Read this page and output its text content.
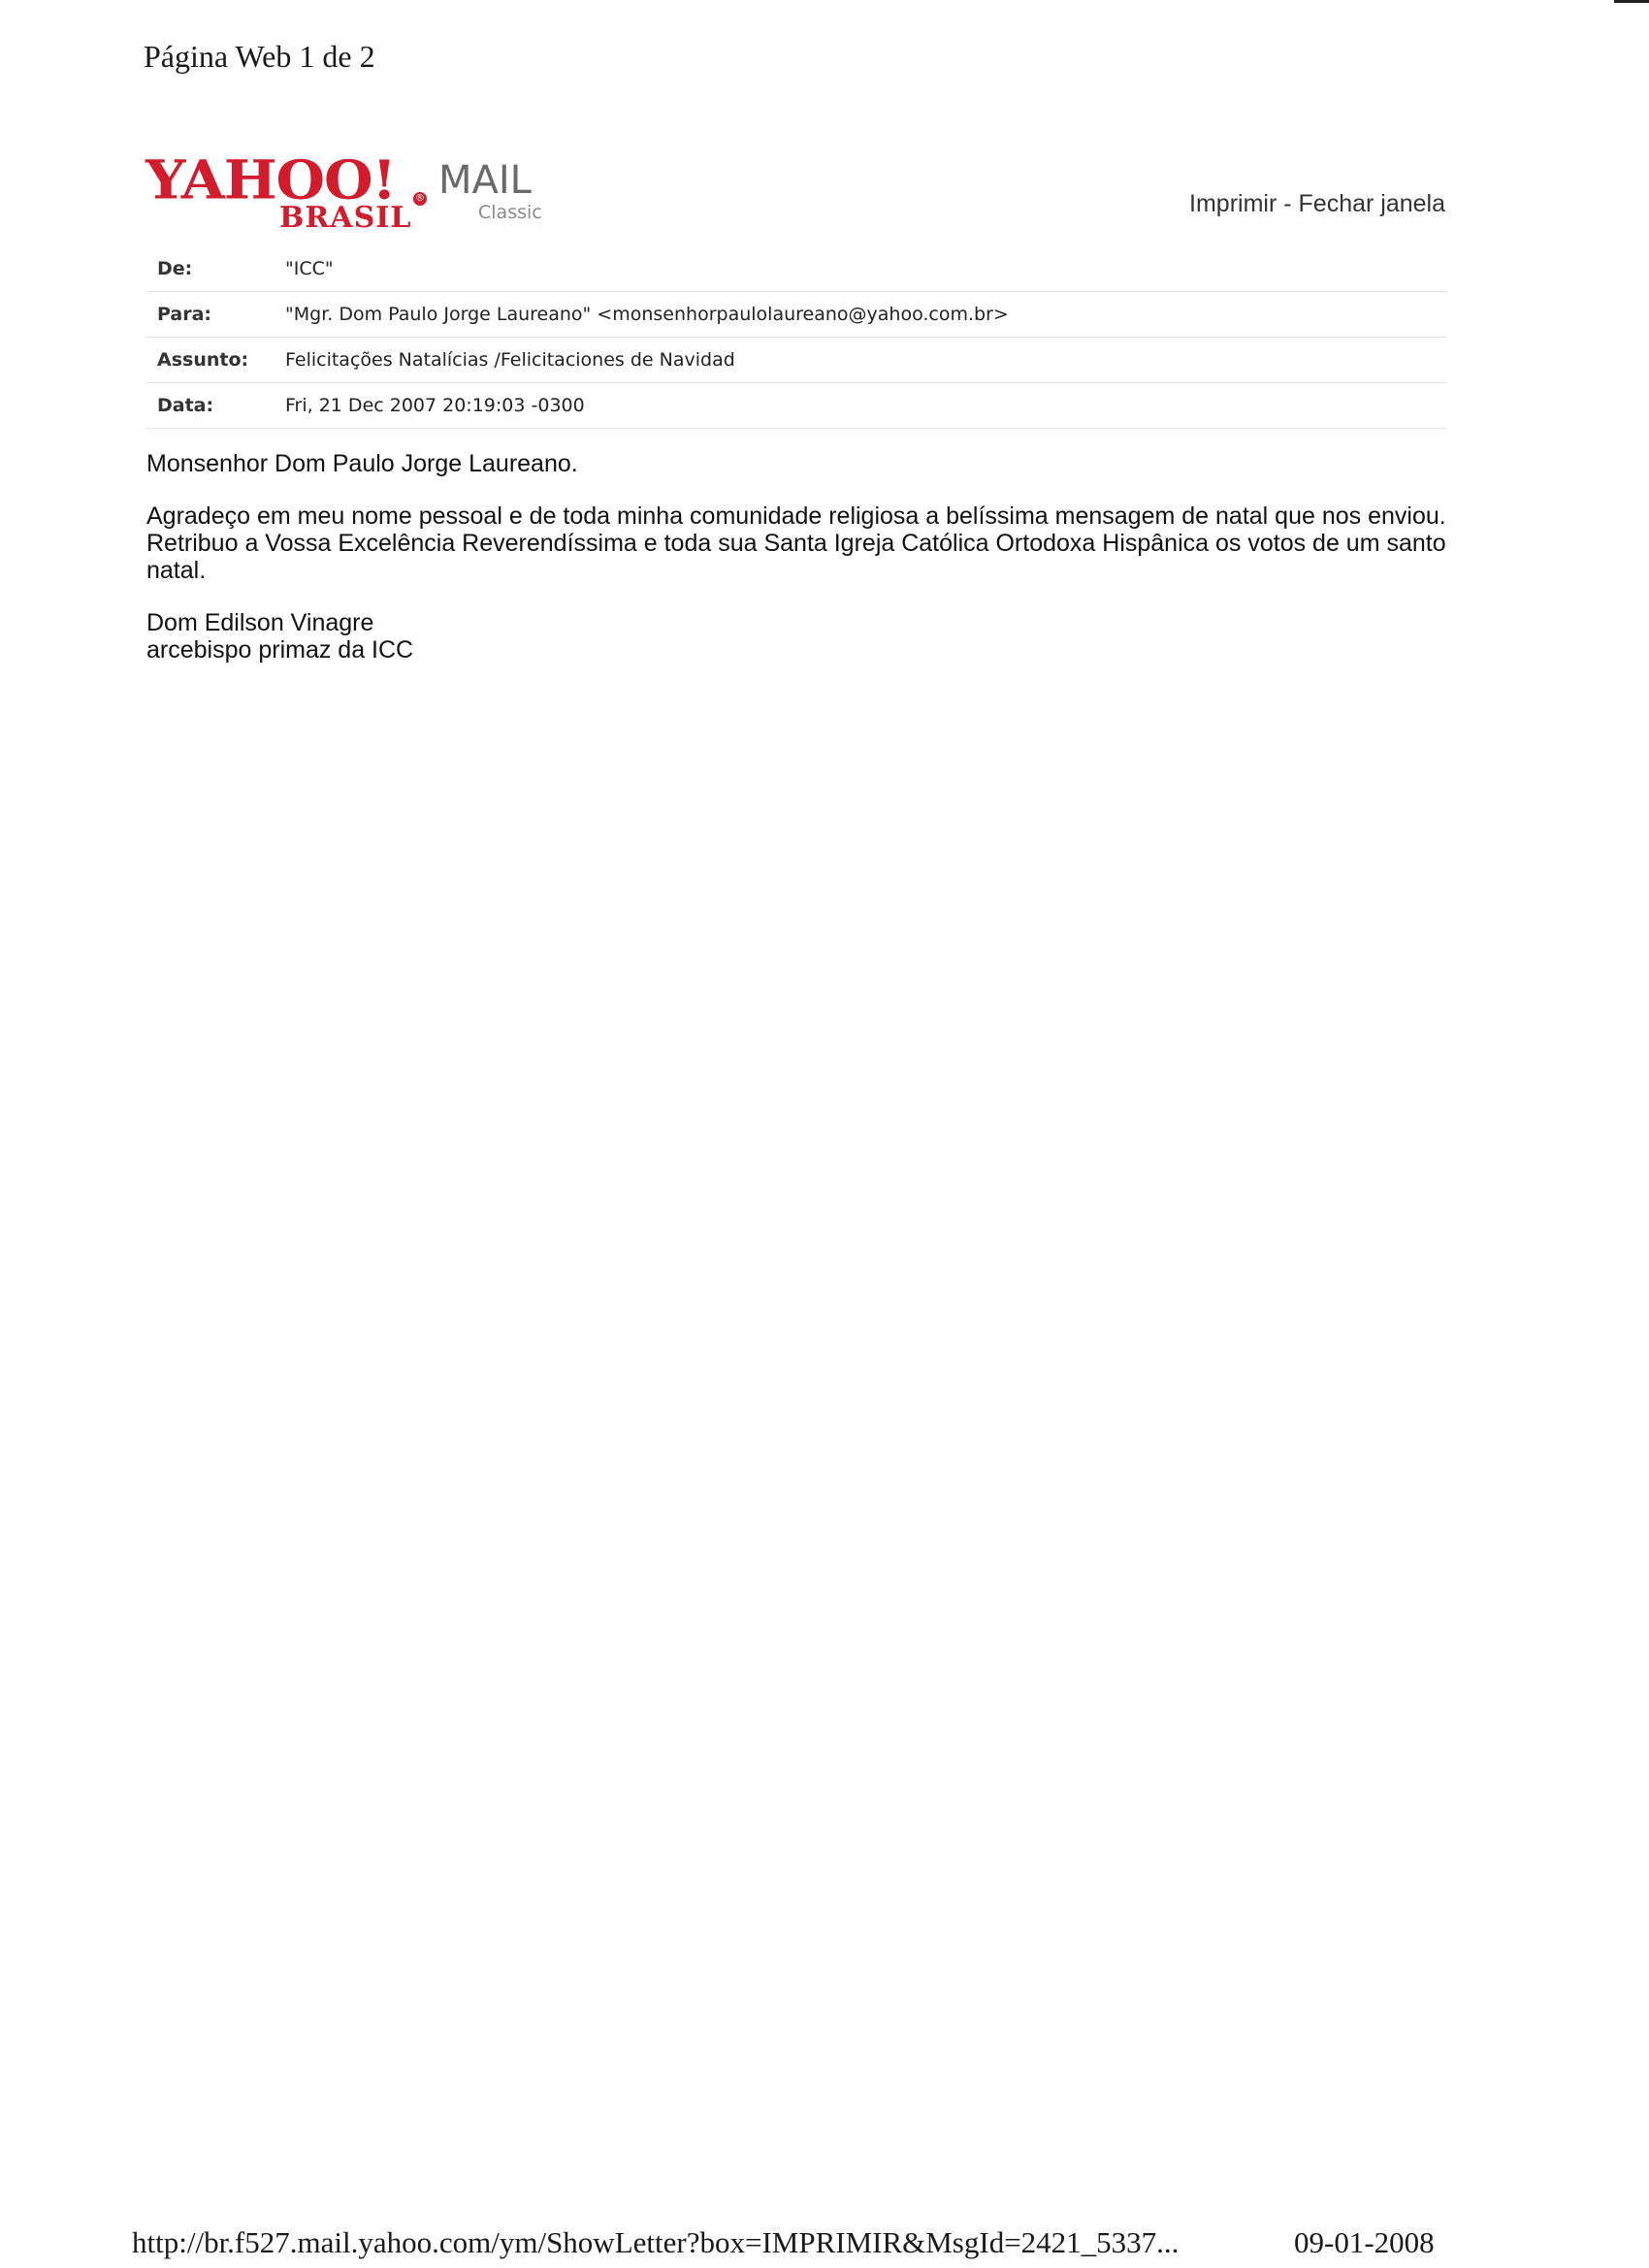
Página Web 1 de 2
YAHOO! ®
BRASIL
MAIL
Classic	Imprimir - Fechar janela
De:	"ICC"
Para:	"Mgr. Dom Paulo Jorge Laureano" <monsenhorpaulolaureano@yahoo.com.br>
Assunto:	Felicitações Natalícias /Felicitaciones de Navidad
Data:	Fri, 21 Dec 2007 20:19:03 -0300

Monsenhor Dom Paulo Jorge Laureano.

Agradeço em meu nome pessoal e de toda minha comunidade religiosa a belíssima mensagem de natal que nos enviou. Retribuo a Vossa Excelência Reverendíssima e toda sua Santa Igreja Católica Ortodoxa Hispânica os votos de um santo natal.

Dom Edilson Vinagre
arcebispo primaz da ICC
http://br.f527.mail.yahoo.com/ym/ShowLetter?box=IMPRIMIR&MsgId=2421_5337...	09-01-2008
